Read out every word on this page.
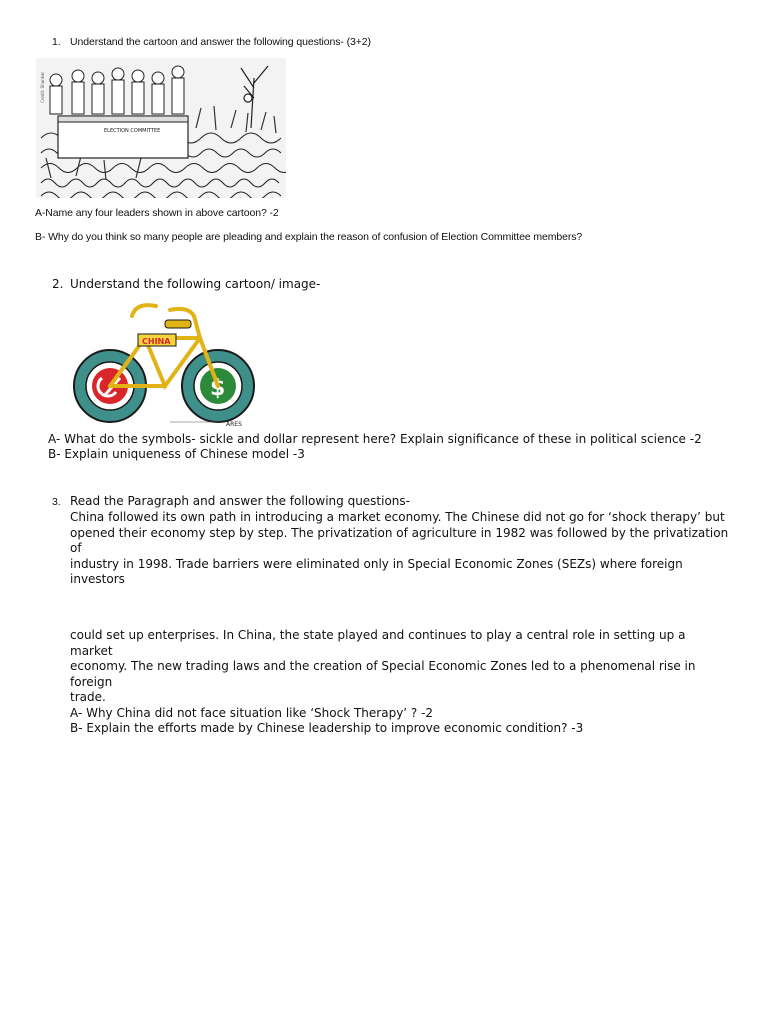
1. Understand the cartoon and answer the following questions- (3+2)
Credit: Shankar
ELECTION COMMITTEE
A-Name any four leaders shown in above cartoon? -2
B- Why do you think so many people are pleading and explain the reason of confusion of Election Committee members?
2. Understand the following cartoon/ image-
$
CHINA
ARES
A- What do the symbols- sickle and dollar represent here? Explain significance of these in political science -2
B- Explain uniqueness of Chinese model -3
3. Read the Paragraph and answer the following questions-
China followed its own path in introducing a market economy. The Chinese did not go for ‘shock therapy’ but
opened their economy step by step. The privatization of agriculture in 1982 was followed by the privatization of
industry in 1998. Trade barriers were eliminated only in Special Economic Zones (SEZs) where foreign investors
could set up enterprises. In China, the state played and continues to play a central role in setting up a market
economy. The new trading laws and the creation of Special Economic Zones led to a phenomenal rise in foreign
trade.
A- Why China did not face situation like ‘Shock Therapy’ ? -2
B- Explain the efforts made by Chinese leadership to improve economic condition? -3
